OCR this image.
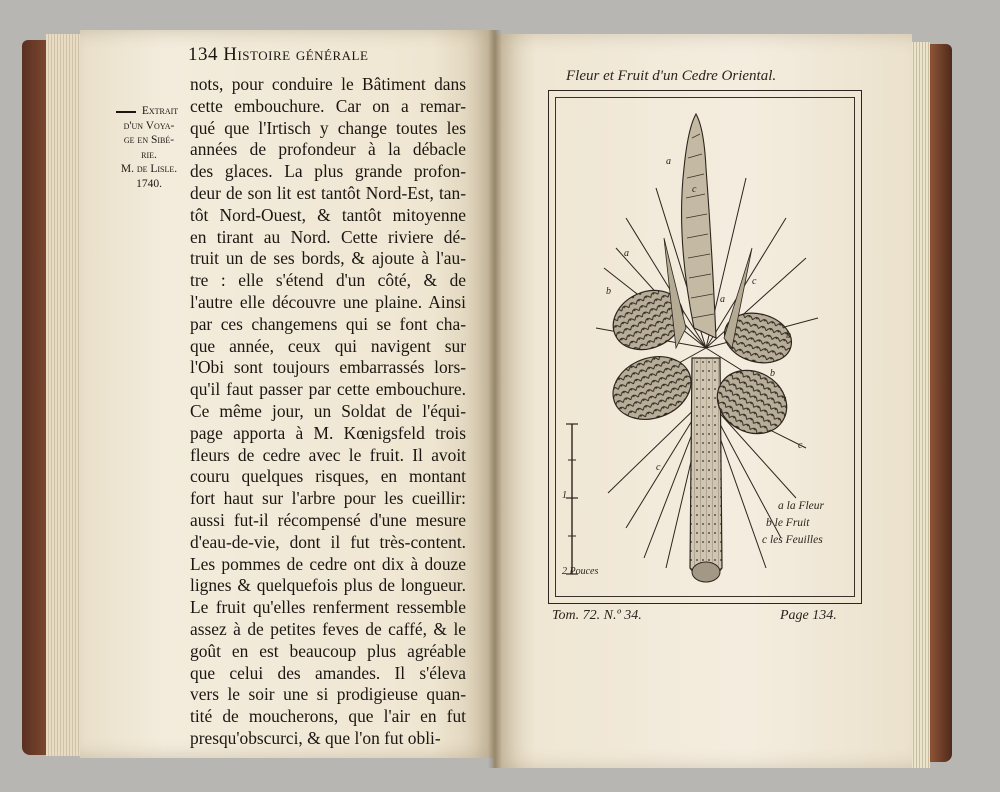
134 Histoire générale
Extrait
d'un Voya-
ge en Sibé-
rie.
M. de Lisle.
1740.
nots, pour conduire le Bâtiment dans
cette embouchure. Car on a remar-
qué que l'Irtisch y change toutes les
années de profondeur à la débacle
des glaces. La plus grande profon-
deur de son lit est tantôt Nord-Est, tan-
tôt Nord-Ouest, & tantôt mitoyenne
en tirant au Nord. Cette riviere dé-
truit un de ses bords, & ajoute à l'au-
tre : elle s'étend d'un côté, & de
l'autre elle découvre une plaine. Ainsi
par ces changemens qui se font cha-
que année, ceux qui navigent sur
l'Obi sont toujours embarrassés lors-
qu'il faut passer par cette embouchure.
Ce même jour, un Soldat de l'équi-
page apporta à M. Kœnigsfeld trois
fleurs de cedre avec le fruit. Il avoit
couru quelques risques, en montant
fort haut sur l'arbre pour les cueillir:
aussi fut-il récompensé d'une mesure
d'eau-de-vie, dont il fut très-content.
Les pommes de cedre ont dix à douze
lignes & quelquefois plus de longueur.
Le fruit qu'elles renferment ressemble
assez à de petites feves de caffé, & le
goût en est beaucoup plus agréable
que celui des amandes. Il s'éleva
vers le soir une si prodigieuse quan-
tité de moucherons, que l'air en fut
presqu'obscurci, & que l'on fut obli-
Fleur et Fruit d'un Cedre Oriental.
a
a
a
b
b
b
c
c
c
c
a la Fleur
b le Fruit
c les Feuilles
1
2 Pouces
Tom. 72. N.º 34.	Page 134.
